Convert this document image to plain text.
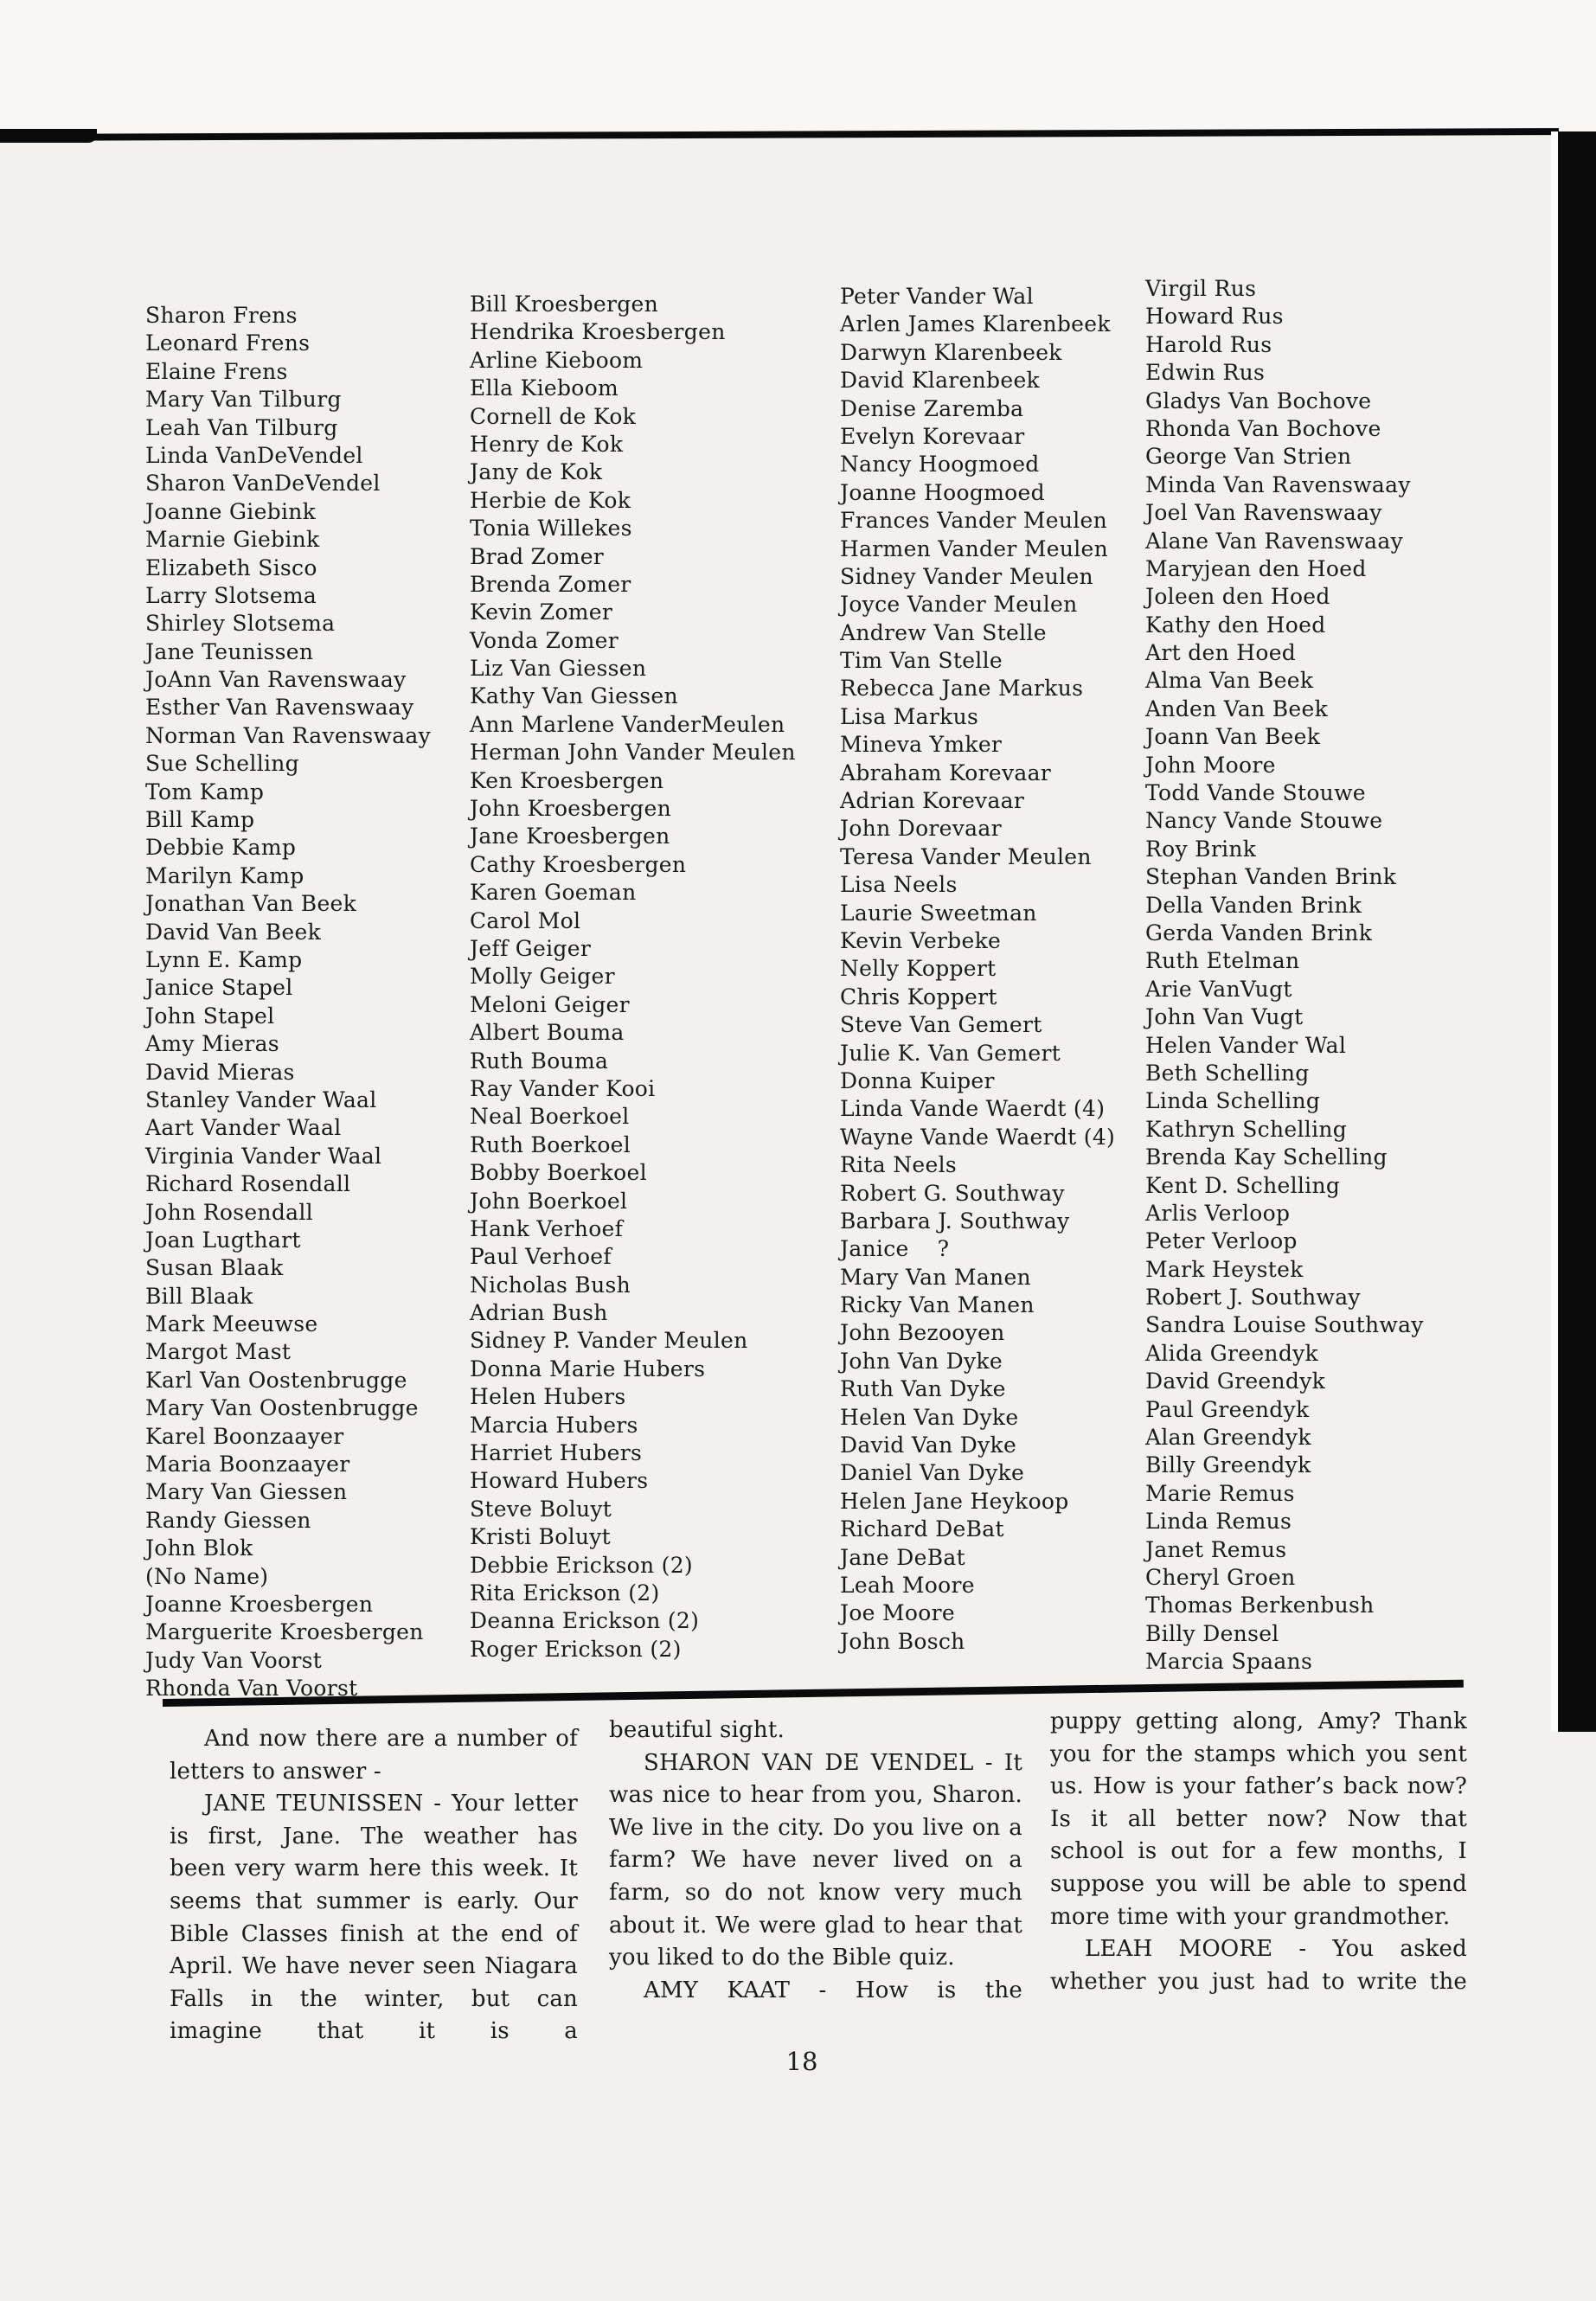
Sharon Frens
Leonard Frens
Elaine Frens
Mary Van Tilburg
Leah Van Tilburg
Linda VanDeVendel
Sharon VanDeVendel
Joanne Giebink
Marnie Giebink
Elizabeth Sisco
Larry Slotsema
Shirley Slotsema
Jane Teunissen
JoAnn Van Ravenswaay
Esther Van Ravenswaay
Norman Van Ravenswaay
Sue Schelling
Tom Kamp
Bill Kamp
Debbie Kamp
Marilyn Kamp
Jonathan Van Beek
David Van Beek
Lynn E. Kamp
Janice Stapel
John Stapel
Amy Mieras
David Mieras
Stanley Vander Waal
Aart Vander Waal
Virginia Vander Waal
Richard Rosendall
John Rosendall
Joan Lugthart
Susan Blaak
Bill Blaak
Mark Meeuwse
Margot Mast
Karl Van Oostenbrugge
Mary Van Oostenbrugge
Karel Boonzaayer
Maria Boonzaayer
Mary Van Giessen
Randy Giessen
John Blok
(No Name)
Joanne Kroesbergen
Marguerite Kroesbergen
Judy Van Voorst
Rhonda Van Voorst
Bill Kroesbergen
Hendrika Kroesbergen
Arline Kieboom
Ella Kieboom
Cornell de Kok
Henry de Kok
Jany de Kok
Herbie de Kok
Tonia Willekes
Brad Zomer
Brenda Zomer
Kevin Zomer
Vonda Zomer
Liz Van Giessen
Kathy Van Giessen
Ann Marlene VanderMeulen
Herman John Vander Meulen
Ken Kroesbergen
John Kroesbergen
Jane Kroesbergen
Cathy Kroesbergen
Karen Goeman
Carol Mol
Jeff Geiger
Molly Geiger
Meloni Geiger
Albert Bouma
Ruth Bouma
Ray Vander Kooi
Neal Boerkoel
Ruth Boerkoel
Bobby Boerkoel
John Boerkoel
Hank Verhoef
Paul Verhoef
Nicholas Bush
Adrian Bush
Sidney P. Vander Meulen
Donna Marie Hubers
Helen Hubers
Marcia Hubers
Harriet Hubers
Howard Hubers
Steve Boluyt
Kristi Boluyt
Debbie Erickson (2)
Rita Erickson (2)
Deanna Erickson (2)
Roger Erickson (2)
Peter Vander Wal
Arlen James Klarenbeek
Darwyn Klarenbeek
David Klarenbeek
Denise Zaremba
Evelyn Korevaar
Nancy Hoogmoed
Joanne Hoogmoed
Frances Vander Meulen
Harmen Vander Meulen
Sidney Vander Meulen
Joyce Vander Meulen
Andrew Van Stelle
Tim Van Stelle
Rebecca Jane Markus
Lisa Markus
Mineva Ymker
Abraham Korevaar
Adrian Korevaar
John Dorevaar
Teresa Vander Meulen
Lisa Neels
Laurie Sweetman
Kevin Verbeke
Nelly Koppert
Chris Koppert
Steve Van Gemert
Julie K. Van Gemert
Donna Kuiper
Linda Vande Waerdt (4)
Wayne Vande Waerdt (4)
Rita Neels
Robert G. Southway
Barbara J. Southway
Janice    ?
Mary Van Manen
Ricky Van Manen
John Bezooyen
John Van Dyke
Ruth Van Dyke
Helen Van Dyke
David Van Dyke
Daniel Van Dyke
Helen Jane Heykoop
Richard DeBat
Jane DeBat
Leah Moore
Joe Moore
John Bosch
Virgil Rus
Howard Rus
Harold Rus
Edwin Rus
Gladys Van Bochove
Rhonda Van Bochove
George Van Strien
Minda Van Ravenswaay
Joel Van Ravenswaay
Alane Van Ravenswaay
Maryjean den Hoed
Joleen den Hoed
Kathy den Hoed
Art den Hoed
Alma Van Beek
Anden Van Beek
Joann Van Beek
John Moore
Todd Vande Stouwe
Nancy Vande Stouwe
Roy Brink
Stephan Vanden Brink
Della Vanden Brink
Gerda Vanden Brink
Ruth Etelman
Arie VanVugt
John Van Vugt
Helen Vander Wal
Beth Schelling
Linda Schelling
Kathryn Schelling
Brenda Kay Schelling
Kent D. Schelling
Arlis Verloop
Peter Verloop
Mark Heystek
Robert J. Southway
Sandra Louise Southway
Alida Greendyk
David Greendyk
Paul Greendyk
Alan Greendyk
Billy Greendyk
Marie Remus
Linda Remus
Janet Remus
Cheryl Groen
Thomas Berkenbush
Billy Densel
Marcia Spaans

And now there are a number of letters to answer -

JANE TEUNISSEN - Your letter is first, Jane. The weather has been very warm here this week. It seems that summer is early. Our Bible Classes finish at the end of April. We have never seen Niagara Falls in the winter, but can imagine that it is a

beautiful sight.

SHARON VAN DE VENDEL - It was nice to hear from you, Sharon. We live in the city. Do you live on a farm? We have never lived on a farm, so do not know very much about it. We were glad to hear that you liked to do the Bible quiz.

AMY KAAT - How is the

puppy getting along, Amy? Thank you for the stamps which you sent us. How is your father’s back now? Is it all better now? Now that school is out for a few months, I suppose you will be able to spend more time with your grandmother.

LEAH MOORE - You asked whether you just had to write the

18
